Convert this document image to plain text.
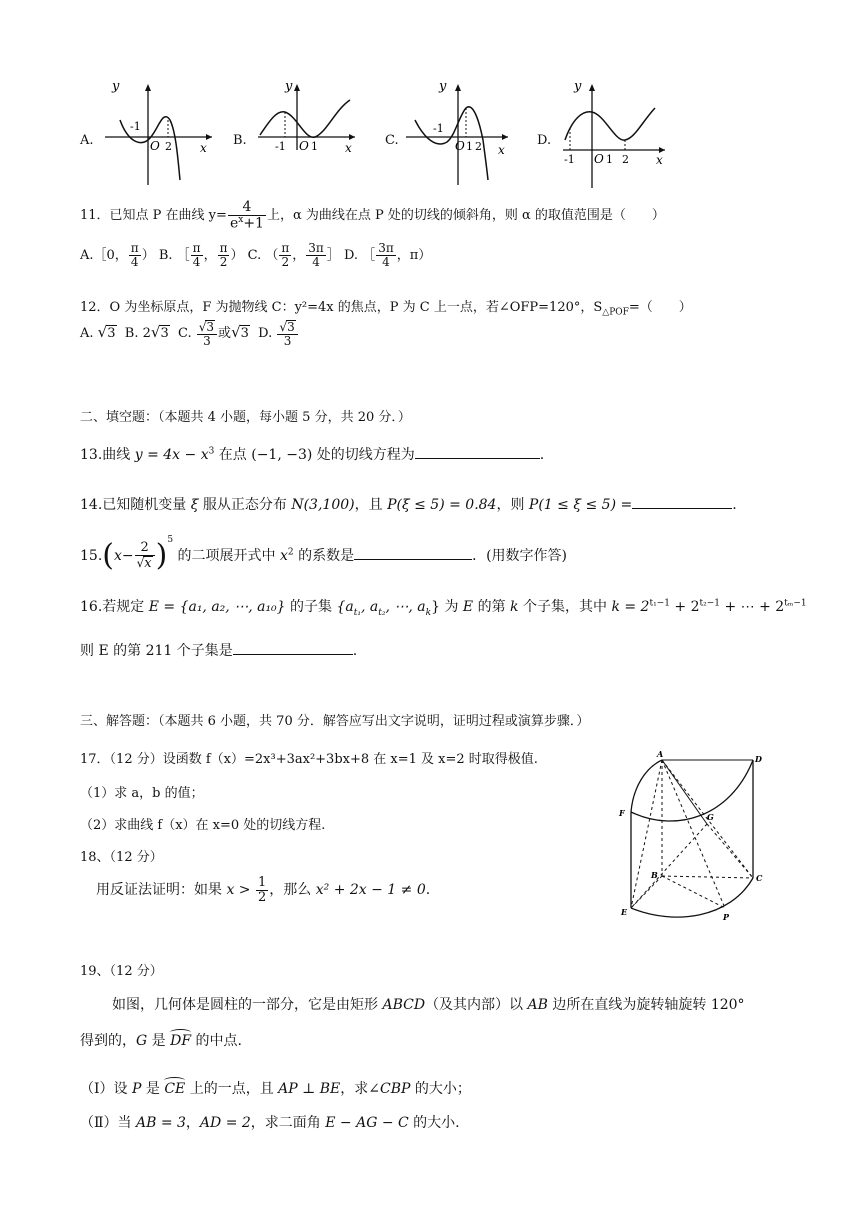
A.
y
-1
O 2 x B.
y
-1 O 1 x	C.
y
-1
O 1 2 x
D.
y
-1 O 1 2 x
11．已知点 P 在曲线 $y= \frac{4}{e^x+1}$ 上，α 为曲线在点 P 处的切线的倾斜角，则 α 的取值范围是（　　）
A.［0， $\frac{\pi}{4}$ ） B. ［ $\frac{\pi}{4}$ ， $\frac{\pi}{2}$ ） C. （ $\frac{\pi}{2}$ ， $\frac{3\pi}{4}$ ］ D. ［ $\frac{3\pi}{4}$ ，π）
12．O 为坐标原点，F 为抛物线 C：y²=4x 的焦点，P 为 C 上一点，若∠OFP=120°，$S_{\triangle POF}=$（　　）
A. √3 B. 2√3 C. $\frac{√3}{3}$ 或√3 D. $\frac{√3}{3}$
二、填空题：（本题共 4 小题，每小题 5 分，共 20 分．）
13.曲线 $y = 4x - x^3$ 在点 (−1, −3) 处的切线方程为	.
14.已知随机变量 ξ 服从正态分布 N(3,100)，且 P(ξ ≤ 5) = 0.84，则 P(1 ≤ ξ ≤ 5) =	.
$15.(x- \frac{2}{√x} )^5$ 的二项展开式中 $x^2$ 的系数是	．(用数字作答)
16.若规定 E = {a₁, a₂, ⋯, a₁₀} 的子集 {$a_{t_1}$, $a_{t_2}$, ⋯, $a_k$} 为 E 的第 k 个子集，其中 $k = 2^{t_1-1} + 2^{t_2-1}$ + ⋯ + $2^{t_m-1}$
则 E 的第 211 个子集是	.
三、解答题：（本题共 6 小题，共 70 分．解答应写出文字说明，证明过程或演算步骤．）
17．（12 分）设函数 f（x）=2x³+3ax²+3bx+8 在 x=1 及 x=2 时取得极值.
（1）求 a，b 的值；
（2）求曲线 f（x）在 x=0 处的切线方程.
18、（12 分）
用反证法证明：如果 $x > \frac{1}{2}$ ，那么 x² + 2x − 1 ≠ 0.
A	D
F	G
B	C
E	P
19、（12 分）
如图，几何体是圆柱的一部分，它是由矩形 ABCD（及其内部）以 AB 边所在直线为旋转轴旋转 120°
得到的，G 是 DF 的中点.
（Ⅰ）设 P 是 CE 上的一点，且 AP ⊥ BE，求∠CBP 的大小；
（Ⅱ）当 AB = 3，AD = 2，求二面角 E − AG − C 的大小.
